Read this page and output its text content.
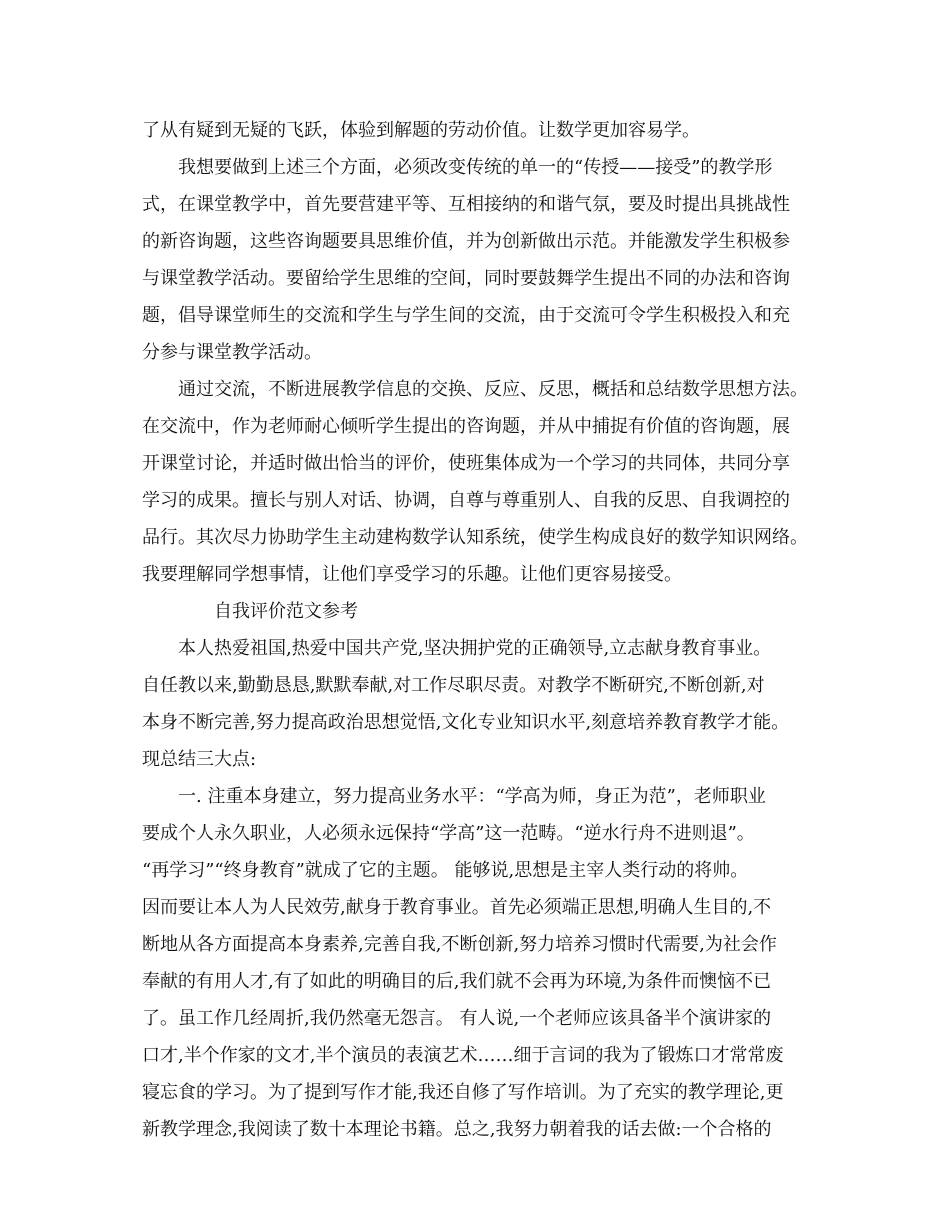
了从有疑到无疑的飞跃，体验到解题的劳动价值。让数学更加容易学。
我想要做到上述三个方面，必须改变传统的单一的“传授——接受”的教学形
式，在课堂教学中，首先要营建平等、互相接纳的和谐气氛，要及时提出具挑战性
的新咨询题，这些咨询题要具思维价值，并为创新做出示范。并能激发学生积极参
与课堂教学活动。要留给学生思维的空间，同时要鼓舞学生提出不同的办法和咨询
题，倡导课堂师生的交流和学生与学生间的交流，由于交流可令学生积极投入和充
分参与课堂教学活动。
通过交流，不断进展教学信息的交换、反应、反思，概括和总结数学思想方法。
在交流中，作为老师耐心倾听学生提出的咨询题，并从中捕捉有价值的咨询题，展
开课堂讨论，并适时做出恰当的评价，使班集体成为一个学习的共同体，共同分享
学习的成果。擅长与别人对话、协调，自尊与尊重别人、自我的反思、自我调控的
品行。其次尽力协助学生主动建构数学认知系统，使学生构成良好的数学知识网络。
我要理解同学想事情，让他们享受学习的乐趣。让他们更容易接受。
自我评价范文参考
本人热爱祖国,热爱中国共产党,坚决拥护党的正确领导,立志献身教育事业。
自任教以来,勤勤恳恳,默默奉献,对工作尽职尽责。对教学不断研究,不断创新,对
本身不断完善,努力提高政治思想觉悟,文化专业知识水平,刻意培养教育教学才能。
现总结三大点:
一. 注重本身建立，努力提高业务水平：“学高为师，身正为范”，老师职业
要成个人永久职业，人必须永远保持“学高”这一范畴。“逆水行舟不进则退”。
“再学习”“终身教育”就成了它的主题。 能够说,思想是主宰人类行动的将帅。
因而要让本人为人民效劳,献身于教育事业。首先必须端正思想,明确人生目的,不
断地从各方面提高本身素养,完善自我,不断创新,努力培养习惯时代需要,为社会作
奉献的有用人才,有了如此的明确目的后,我们就不会再为环境,为条件而懊恼不已
了。虽工作几经周折,我仍然毫无怨言。 有人说,一个老师应该具备半个演讲家的
口才,半个作家的文才,半个演员的表演艺术……细于言词的我为了锻炼口才常常废
寝忘食的学习。为了提到写作才能,我还自修了写作培训。为了充实的教学理论,更
新教学理念,我阅读了数十本理论书籍。总之,我努力朝着我的话去做:一个合格的
